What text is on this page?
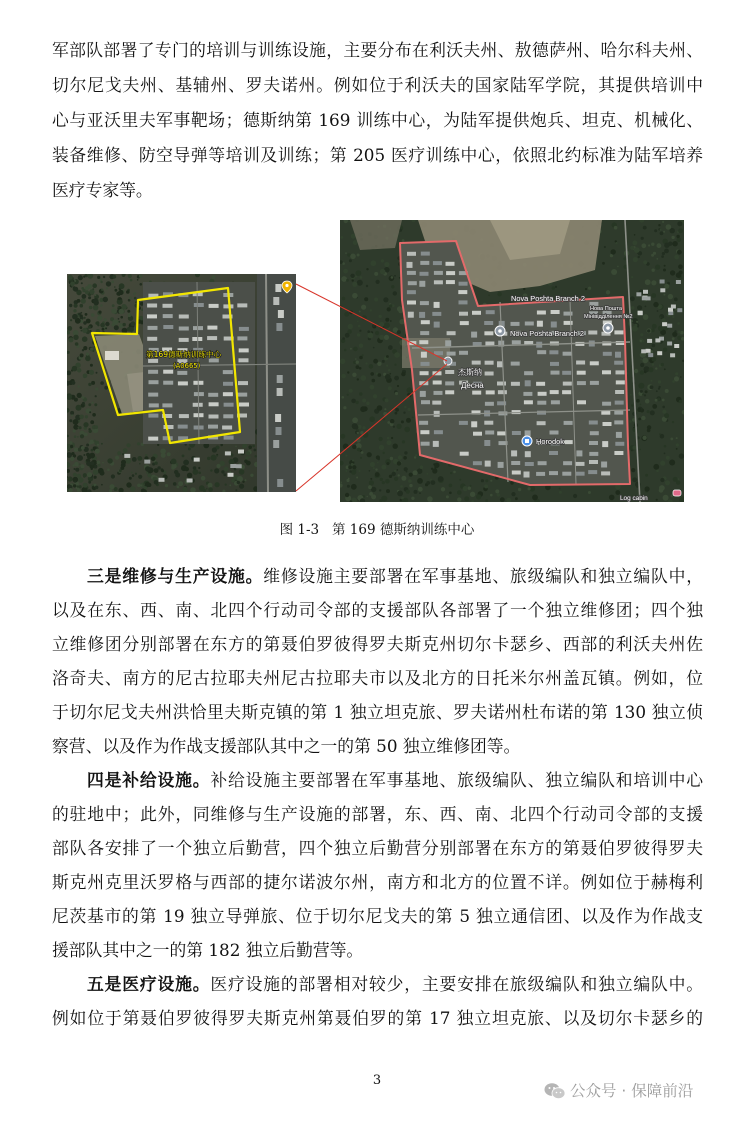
军部队部署了专门的培训与训练设施，主要分布在利沃夫州、敖德萨州、哈尔科夫州、
切尔尼戈夫州、基辅州、罗夫诺州。例如位于利沃夫的国家陆军学院，其提供培训中
心与亚沃里夫军事靶场；德斯纳第 169 训练中心，为陆军提供炮兵、坦克、机械化、
装备维修、防空导弹等培训及训练；第 205 医疗训练中心，依照北约标准为陆军培养
医疗专家等。
第169德斯纳训练中心
(A0665)
Nova Poshta Branch 2
Нова Пошта
Мінівідділення №2
Nova Poshta Branch 2
杰斯纳
Десна
Horodok
Log cabin
图 1-3   第 169 德斯纳训练中心
三是维修与生产设施。维修设施主要部署在军事基地、旅级编队和独立编队中，
以及在东、西、南、北四个行动司令部的支援部队各部署了一个独立维修团；四个独
立维修团分别部署在东方的第聂伯罗彼得罗夫斯克州切尔卡瑟乡、西部的利沃夫州佐
洛奇夫、南方的尼古拉耶夫州尼古拉耶夫市以及北方的日托米尔州盖瓦镇。例如，位
于切尔尼戈夫州洪恰里夫斯克镇的第 1 独立坦克旅、罗夫诺州杜布诺的第 130 独立侦
察营、以及作为作战支援部队其中之一的第 50 独立维修团等。
四是补给设施。补给设施主要部署在军事基地、旅级编队、独立编队和培训中心
的驻地中；此外，同维修与生产设施的部署，东、西、南、北四个行动司令部的支援
部队各安排了一个独立后勤营，四个独立后勤营分别部署在东方的第聂伯罗彼得罗夫
斯克州克里沃罗格与西部的捷尔诺波尔州，南方和北方的位置不详。例如位于赫梅利
尼茨基市的第 19 独立导弹旅、位于切尔尼戈夫的第 5 独立通信团、以及作为作战支
援部队其中之一的第 182 独立后勤营等。
五是医疗设施。医疗设施的部署相对较少，主要安排在旅级编队和独立编队中。
例如位于第聂伯罗彼得罗夫斯克州第聂伯罗的第 17 独立坦克旅、以及切尔卡瑟乡的
3
公众号 · 保障前沿
